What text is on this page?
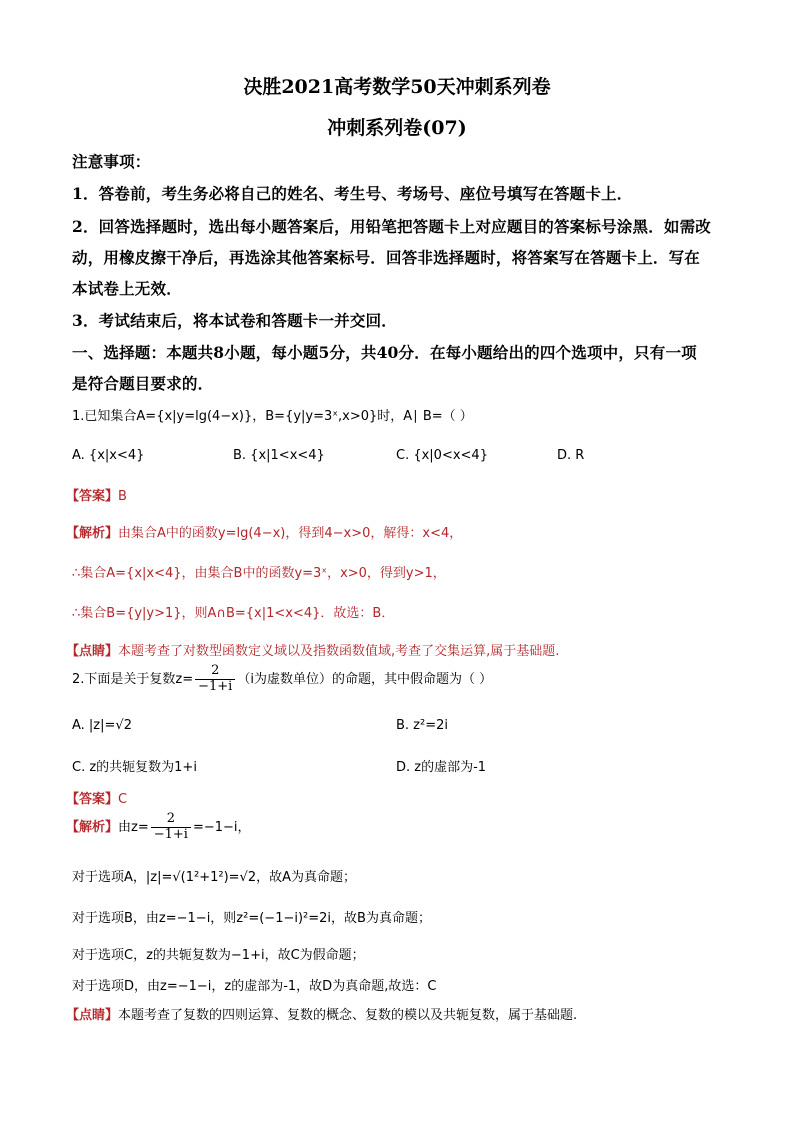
决胜2021高考数学50天冲刺系列卷
冲刺系列卷(07)
注意事项：
1．答卷前，考生务必将自己的姓名、考生号、考场号、座位号填写在答题卡上．
2．回答选择题时，选出每小题答案后，用铅笔把答题卡上对应题目的答案标号涂黑．如需改
动，用橡皮擦干净后，再选涂其他答案标号．回答非选择题时，将答案写在答题卡上．写在
本试卷上无效．
3．考试结束后，将本试卷和答题卡一并交回．
一、选择题：本题共8小题，每小题5分，共40分．在每小题给出的四个选项中，只有一项
是符合题目要求的．
1.已知集合A={x|y=lg(4−x)}，B={y|y=3ˣ,x>0}时，A∣ B=（ ）
A. {x|x<4}	B. {x|1<x<4}	C. {x|0<x<4}	D. R
【答案】B
【解析】由集合A中的函数y=lg(4−x)，得到4−x>0，解得：x<4，
∴集合A={x|x<4}，由集合B中的函数y=3ˣ，x>0，得到y>1，
∴集合B={y|y>1}，则A∩B={x|1<x<4}．故选：B．
【点睛】本题考查了对数型函数定义域以及指数函数值域,考查了交集运算,属于基础题.
2.下面是关于复数$z= \frac{2}{-1+i} (i$为虚数单位）的命题，其中假命题为（ ）
A. |z|=√2	B. z²=2i
C. z的共轭复数为1+i	D. z的虚部为-1
【答案】C
【解析】由$z= \frac{2}{-1+i} =-1-i$，
对于选项A，|z|=√(1²+1²)=√2，故A为真命题；
对于选项B，由z=−1−i，则z²=(−1−i)²=2i，故B为真命题；
对于选项C，z的共轭复数为−1+i，故C为假命题；
对于选项D，由z=−1−i，z的虚部为-1，故D为真命题,故选：C
【点睛】本题考查了复数的四则运算、复数的概念、复数的模以及共轭复数，属于基础题.
